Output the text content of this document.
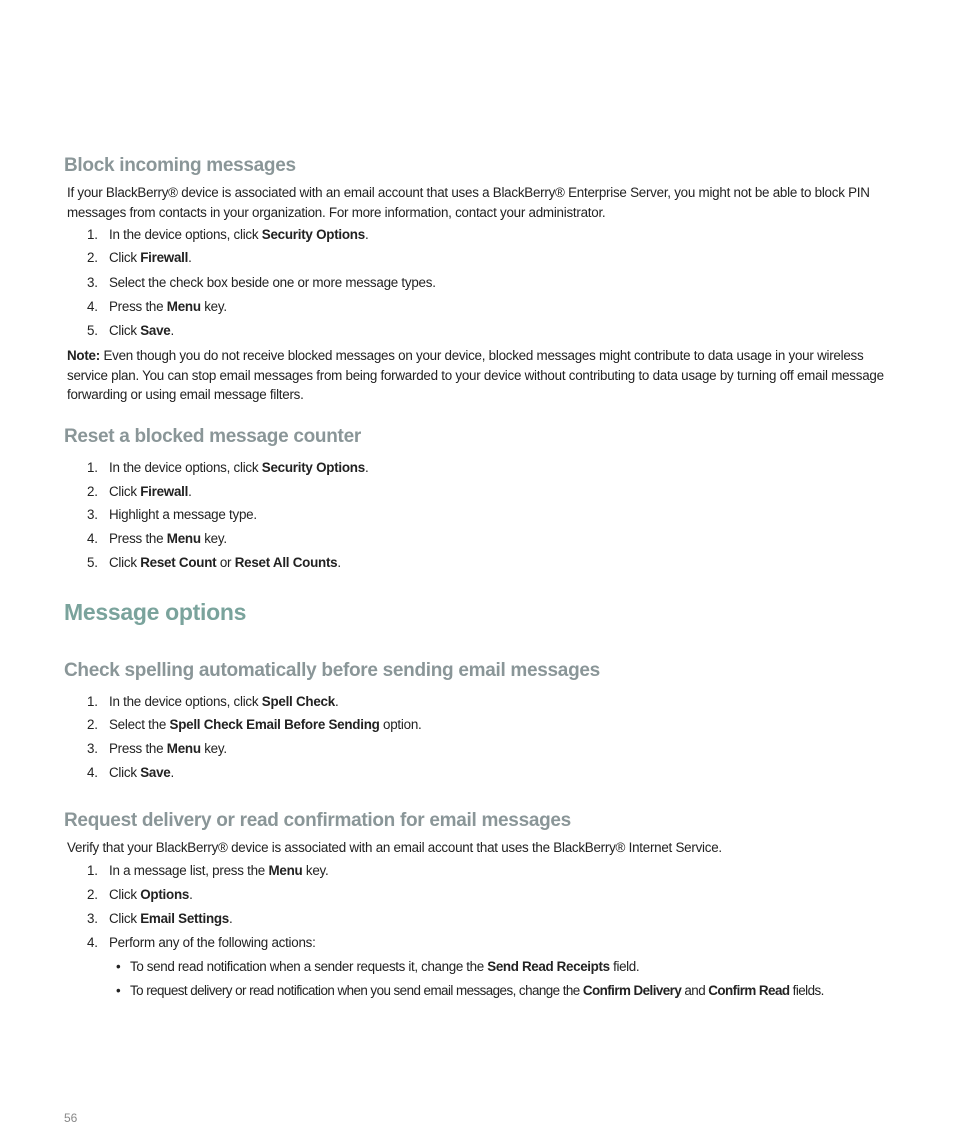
Block incoming messages

If your BlackBerry® device is associated with an email account that uses a BlackBerry® Enterprise Server, you might not be able to block PIN messages from contacts in your organization. For more information, contact your administrator.

1. In the device options, click Security Options.
2. Click Firewall.
3. Select the check box beside one or more message types.
4. Press the Menu key.
5. Click Save.

Note: Even though you do not receive blocked messages on your device, blocked messages might contribute to data usage in your wireless service plan. You can stop email messages from being forwarded to your device without contributing to data usage by turning off email message forwarding or using email message filters.

Reset a blocked message counter
1. In the device options, click Security Options.
2. Click Firewall.
3. Highlight a message type.
4. Press the Menu key.
5. Click Reset Count or Reset All Counts.
Message options
Check spelling automatically before sending email messages
1. In the device options, click Spell Check.
2. Select the Spell Check Email Before Sending option.
3. Press the Menu key.
4. Click Save.
Request delivery or read confirmation for email messages

Verify that your BlackBerry® device is associated with an email account that uses the BlackBerry® Internet Service.

1. In a message list, press the Menu key.
2. Click Options.
3. Click Email Settings.
4. Perform any of the following actions:
• To send read notification when a sender requests it, change the Send Read Receipts field.
• To request delivery or read notification when you send email messages, change the Confirm Delivery and Confirm Read fields.
56
